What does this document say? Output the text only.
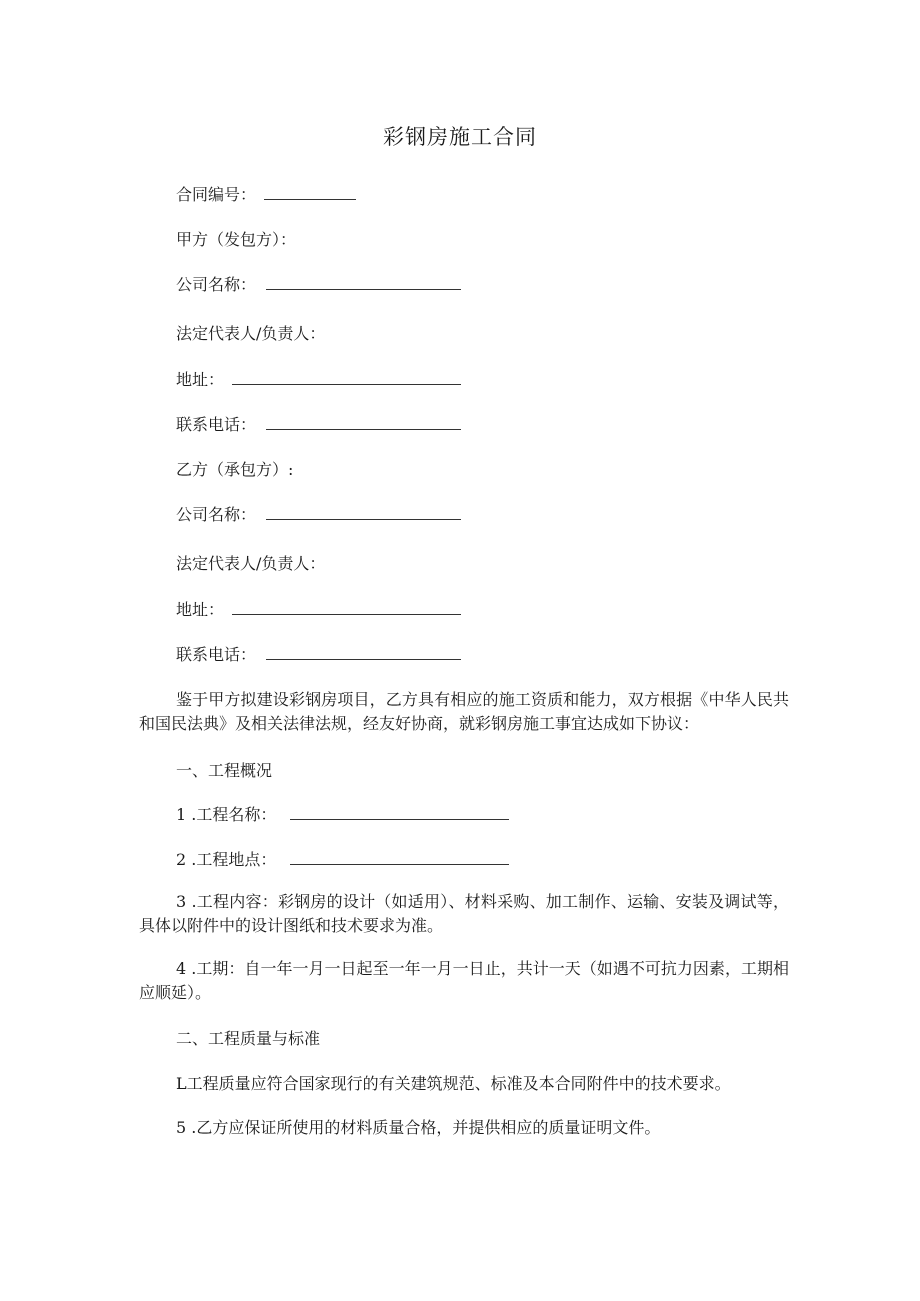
彩钢房施工合同
合同编号：
甲方（发包方）：
公司名称：
法定代表人/负责人：
地址：
联系电话：
乙方（承包方）:
公司名称：
法定代表人/负责人：
地址：
联系电话：
鉴于甲方拟建设彩钢房项目，乙方具有相应的施工资质和能力，双方根据《中华人民共和国民法典》及相关法律法规，经友好协商，就彩钢房施工事宜达成如下协议：
一、工程概况
1 .工程名称：
2 .工程地点：
3 .工程内容：彩钢房的设计（如适用）、材料采购、加工制作、运输、安装及调试等，具体以附件中的设计图纸和技术要求为准。
4 .工期：自一年一月一日起至一年一月一日止，共计一天（如遇不可抗力因素，工期相应顺延）。
二、工程质量与标准
L工程质量应符合国家现行的有关建筑规范、标准及本合同附件中的技术要求。
5 .乙方应保证所使用的材料质量合格，并提供相应的质量证明文件。
